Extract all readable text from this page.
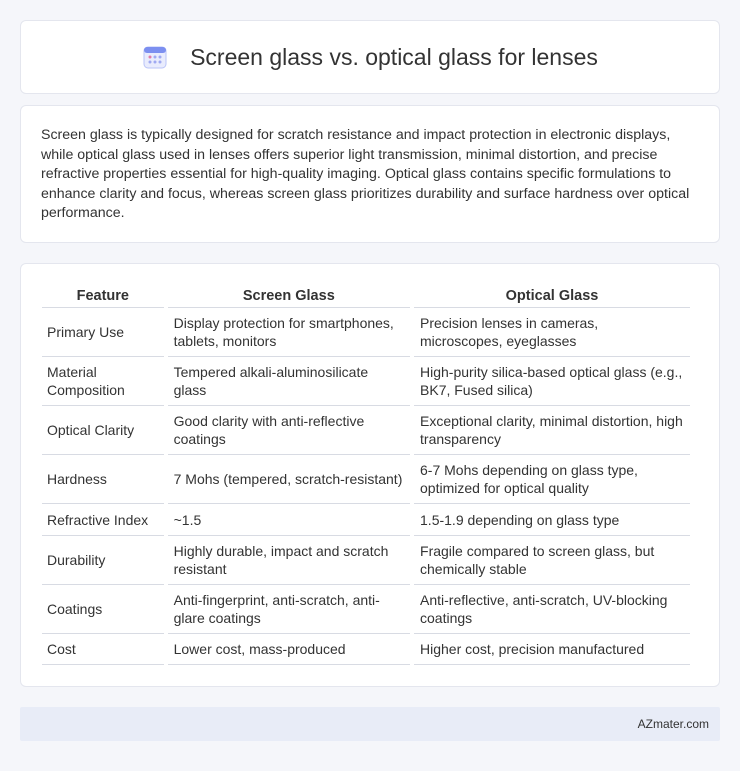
Screen glass vs. optical glass for lenses

Screen glass is typically designed for scratch resistance and impact protection in electronic displays, while optical glass used in lenses offers superior light transmission, minimal distortion, and precise refractive properties essential for high-quality imaging. Optical glass contains specific formulations to enhance clarity and focus, whereas screen glass prioritizes durability and surface hardness over optical performance.

Feature	Screen Glass	Optical Glass
Primary Use	Display protection for smartphones, tablets, monitors	Precision lenses in cameras, microscopes, eyeglasses
Material Composition	Tempered alkali-aluminosilicate glass	High-purity silica-based optical glass (e.g., BK7, Fused silica)
Optical Clarity	Good clarity with anti-reflective coatings	Exceptional clarity, minimal distortion, high transparency
Hardness	7 Mohs (tempered, scratch-resistant)	6-7 Mohs depending on glass type, optimized for optical quality
Refractive Index	~1.5	1.5-1.9 depending on glass type
Durability	Highly durable, impact and scratch resistant	Fragile compared to screen glass, but chemically stable
Coatings	Anti-fingerprint, anti-scratch, anti-glare coatings	Anti-reflective, anti-scratch, UV-blocking coatings
Cost	Lower cost, mass-produced	Higher cost, precision manufactured
AZmater.com
